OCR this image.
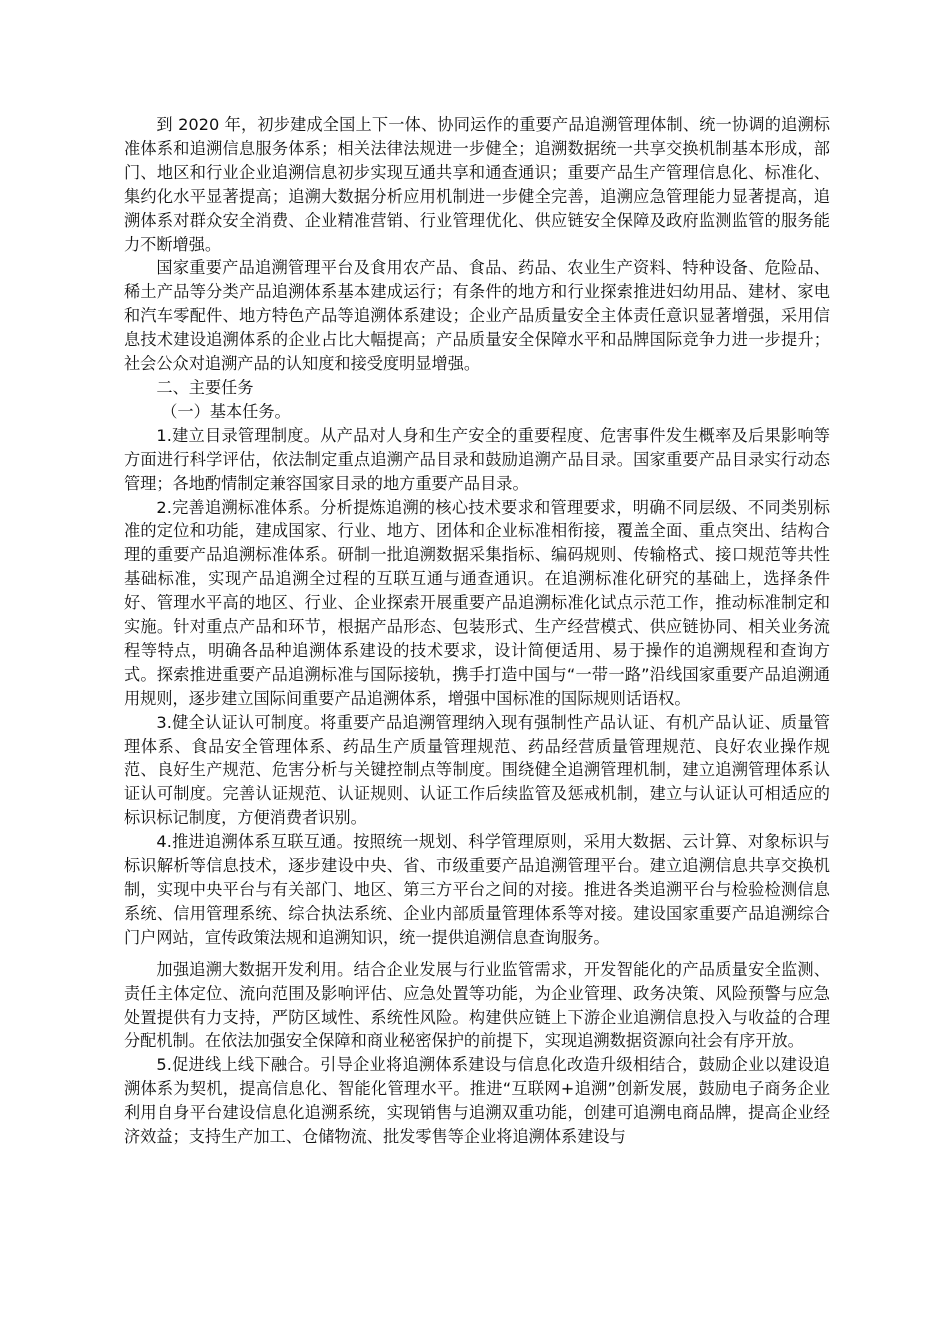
到 2020 年，初步建成全国上下一体、协同运作的重要产品追溯管理体制、统一协调的追溯标准体系和追溯信息服务体系；相关法律法规进一步健全；追溯数据统一共享交换机制基本形成，部门、地区和行业企业追溯信息初步实现互通共享和通查通识；重要产品生产管理信息化、标准化、集约化水平显著提高；追溯大数据分析应用机制进一步健全完善，追溯应急管理能力显著提高，追溯体系对群众安全消费、企业精准营销、行业管理优化、供应链安全保障及政府监测监管的服务能力不断增强。

国家重要产品追溯管理平台及食用农产品、食品、药品、农业生产资料、特种设备、危险品、稀土产品等分类产品追溯体系基本建成运行；有条件的地方和行业探索推进妇幼用品、建材、家电和汽车零配件、地方特色产品等追溯体系建设；企业产品质量安全主体责任意识显著增强，采用信息技术建设追溯体系的企业占比大幅提高；产品质量安全保障水平和品牌国际竞争力进一步提升；社会公众对追溯产品的认知度和接受度明显增强。

二、主要任务

（一）基本任务。

1.建立目录管理制度。从产品对人身和生产安全的重要程度、危害事件发生概率及后果影响等方面进行科学评估，依法制定重点追溯产品目录和鼓励追溯产品目录。国家重要产品目录实行动态管理；各地酌情制定兼容国家目录的地方重要产品目录。

2.完善追溯标准体系。分析提炼追溯的核心技术要求和管理要求，明确不同层级、不同类别标准的定位和功能，建成国家、行业、地方、团体和企业标准相衔接，覆盖全面、重点突出、结构合理的重要产品追溯标准体系。研制一批追溯数据采集指标、编码规则、传输格式、接口规范等共性基础标准，实现产品追溯全过程的互联互通与通查通识。在追溯标准化研究的基础上，选择条件好、管理水平高的地区、行业、企业探索开展重要产品追溯标准化试点示范工作，推动标准制定和实施。针对重点产品和环节，根据产品形态、包装形式、生产经营模式、供应链协同、相关业务流程等特点，明确各品种追溯体系建设的技术要求，设计简便适用、易于操作的追溯规程和查询方式。探索推进重要产品追溯标准与国际接轨，携手打造中国与“一带一路”沿线国家重要产品追溯通用规则，逐步建立国际间重要产品追溯体系，增强中国标准的国际规则话语权。

3.健全认证认可制度。将重要产品追溯管理纳入现有强制性产品认证、有机产品认证、质量管理体系、食品安全管理体系、药品生产质量管理规范、药品经营质量管理规范、良好农业操作规范、良好生产规范、危害分析与关键控制点等制度。围绕健全追溯管理机制，建立追溯管理体系认证认可制度。完善认证规范、认证规则、认证工作后续监管及惩戒机制，建立与认证认可相适应的标识标记制度，方便消费者识别。

4.推进追溯体系互联互通。按照统一规划、科学管理原则，采用大数据、云计算、对象标识与标识解析等信息技术，逐步建设中央、省、市级重要产品追溯管理平台。建立追溯信息共享交换机制，实现中央平台与有关部门、地区、第三方平台之间的对接。推进各类追溯平台与检验检测信息系统、信用管理系统、综合执法系统、企业内部质量管理体系等对接。建设国家重要产品追溯综合门户网站，宣传政策法规和追溯知识，统一提供追溯信息查询服务。

加强追溯大数据开发利用。结合企业发展与行业监管需求，开发智能化的产品质量安全监测、责任主体定位、流向范围及影响评估、应急处置等功能，为企业管理、政务决策、风险预警与应急处置提供有力支持，严防区域性、系统性风险。构建供应链上下游企业追溯信息投入与收益的合理分配机制。在依法加强安全保障和商业秘密保护的前提下，实现追溯数据资源向社会有序开放。

5.促进线上线下融合。引导企业将追溯体系建设与信息化改造升级相结合，鼓励企业以建设追溯体系为契机，提高信息化、智能化管理水平。推进“互联网+追溯”创新发展，鼓励电子商务企业利用自身平台建设信息化追溯系统，实现销售与追溯双重功能，创建可追溯电商品牌，提高企业经济效益；支持生产加工、仓储物流、批发零售等企业将追溯体系建设与
